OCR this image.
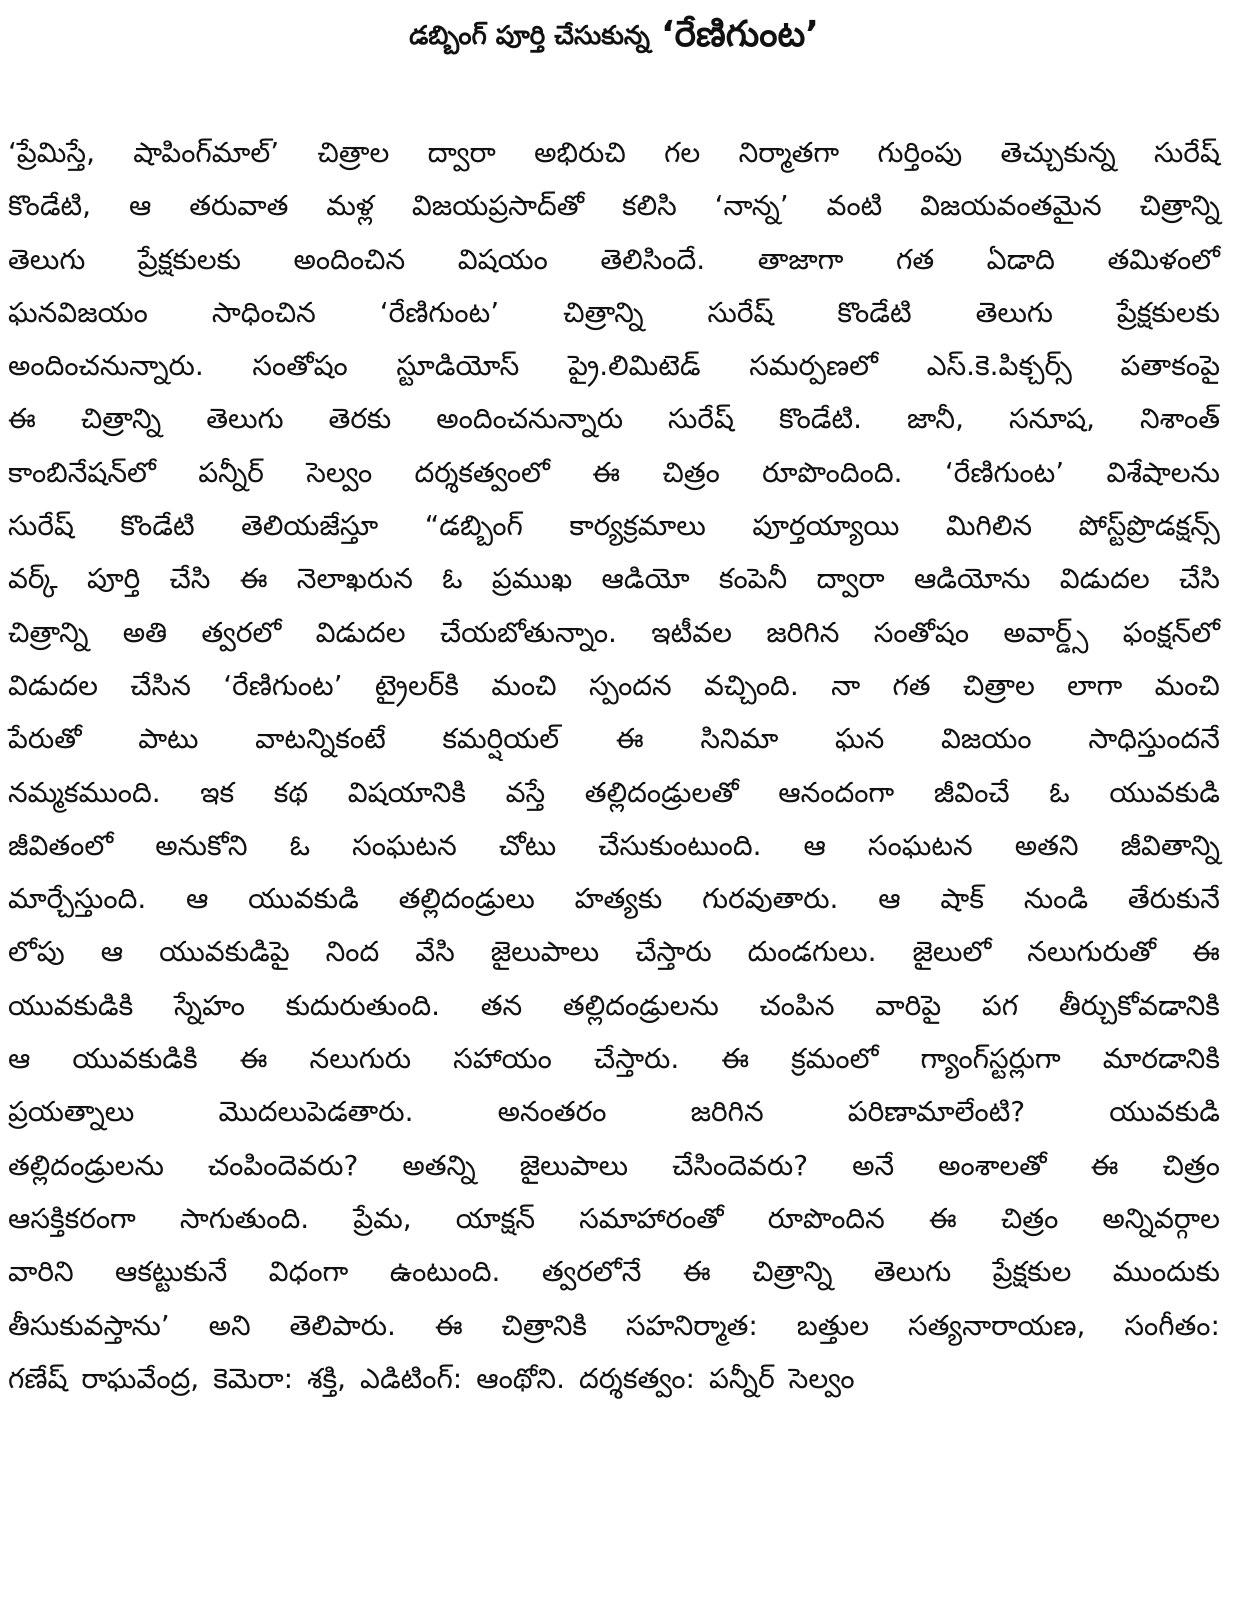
డబ్బింగ్ పూర్తి చేసుకున్న ‘రేణిగుంట’
‘ప్రేమిస్తే, షాపింగ్‌మాల్’ చిత్రాల ద్వారా అభిరుచి గల నిర్మాతగా గుర్తింపు తెచ్చుకున్న సురేష్
కొండేటి, ఆ తరువాత మళ్ల విజయప్రసాద్‌తో కలిసి ‘నాన్న’ వంటి విజయవంతమైన చిత్రాన్ని
తెలుగు ప్రేక్షకులకు అందించిన విషయం తెలిసిందే. తాజాగా గత ఏడాది తమిళంలో
ఘనవిజయం సాధించిన ‘రేణిగుంట’ చిత్రాన్ని సురేష్ కొండేటి తెలుగు ప్రేక్షకులకు
అందించనున్నారు. సంతోషం స్టూడియోస్ ప్రై.లిమిటెడ్ సమర్పణలో ఎస్.కె.పిక్చర్స్ పతాకంపై
ఈ చిత్రాన్ని తెలుగు తెరకు అందించనున్నారు సురేష్ కొండేటి. జానీ, సనూష, నిశాంత్
కాంబినేషన్‌లో పన్నీర్ సెల్వం దర్శకత్వంలో ఈ చిత్రం రూపొందింది. ‘రేణిగుంట’ విశేషాలను
సురేష్ కొండేటి తెలియజేస్తూ “డబ్బింగ్ కార్యక్రమాలు పూర్తయ్యాయి మిగిలిన పోస్ట్‌ప్రొడక్షన్స్
వర్క్ పూర్తి చేసి ఈ నెలాఖరున ఓ ప్రముఖ ఆడియో కంపెనీ ద్వారా ఆడియోను విడుదల చేసి
చిత్రాన్ని అతి త్వరలో విడుదల చేయబోతున్నాం. ఇటీవల జరిగిన సంతోషం అవార్డ్స్ ఫంక్షన్‌లో
విడుదల చేసిన ‘రేణిగుంట’ ట్రైలర్‌కి మంచి స్పందన వచ్చింది. నా గత చిత్రాల లాగా మంచి
పేరుతో పాటు వాటన్నికంటే కమర్షియల్ ఈ సినిమా ఘన విజయం సాధిస్తుందనే
నమ్మకముంది. ఇక కథ విషయానికి వస్తే తల్లిదండ్రులతో ఆనందంగా జీవించే ఓ యువకుడి
జీవితంలో అనుకోని ఓ సంఘటన చోటు చేసుకుంటుంది. ఆ సంఘటన అతని జీవితాన్ని
మార్చేస్తుంది. ఆ యువకుడి తల్లిదండ్రులు హత్యకు గురవుతారు. ఆ షాక్ నుండి తేరుకునే
లోపు ఆ యువకుడిపై నింద వేసి జైలుపాలు చేస్తారు దుండగులు. జైలులో నలుగురుతో ఈ
యువకుడికి స్నేహం కుదురుతుంది. తన తల్లిదండ్రులను చంపిన వారిపై పగ తీర్చుకోవడానికి
ఆ యువకుడికి ఈ నలుగురు సహాయం చేస్తారు. ఈ క్రమంలో గ్యాంగ్‌స్టర్లుగా మారడానికి
ప్రయత్నాలు	మొదలుపెడతారు.	అనంతరం	జరిగిన	పరిణామాలేంటి?	యువకుడి
తల్లిదండ్రులను చంపిందెవరు? అతన్ని జైలుపాలు చేసిందెవరు? అనే అంశాలతో ఈ చిత్రం
ఆసక్తికరంగా సాగుతుంది. ప్రేమ, యాక్షన్ సమాహారంతో రూపొందిన ఈ చిత్రం అన్నివర్గాల
వారిని ఆకట్టుకునే విధంగా ఉంటుంది. త్వరలోనే ఈ చిత్రాన్ని తెలుగు ప్రేక్షకుల ముందుకు
తీసుకువస్తాను’ అని తెలిపారు. ఈ చిత్రానికి సహనిర్మాత: బత్తుల సత్యనారాయణ, సంగీతం:
గణేష్ రాఘవేంద్ర, కెమెరా: శక్తి, ఎడిటింగ్: ఆంథోని. దర్శకత్వం: పన్నీర్ సెల్వం
